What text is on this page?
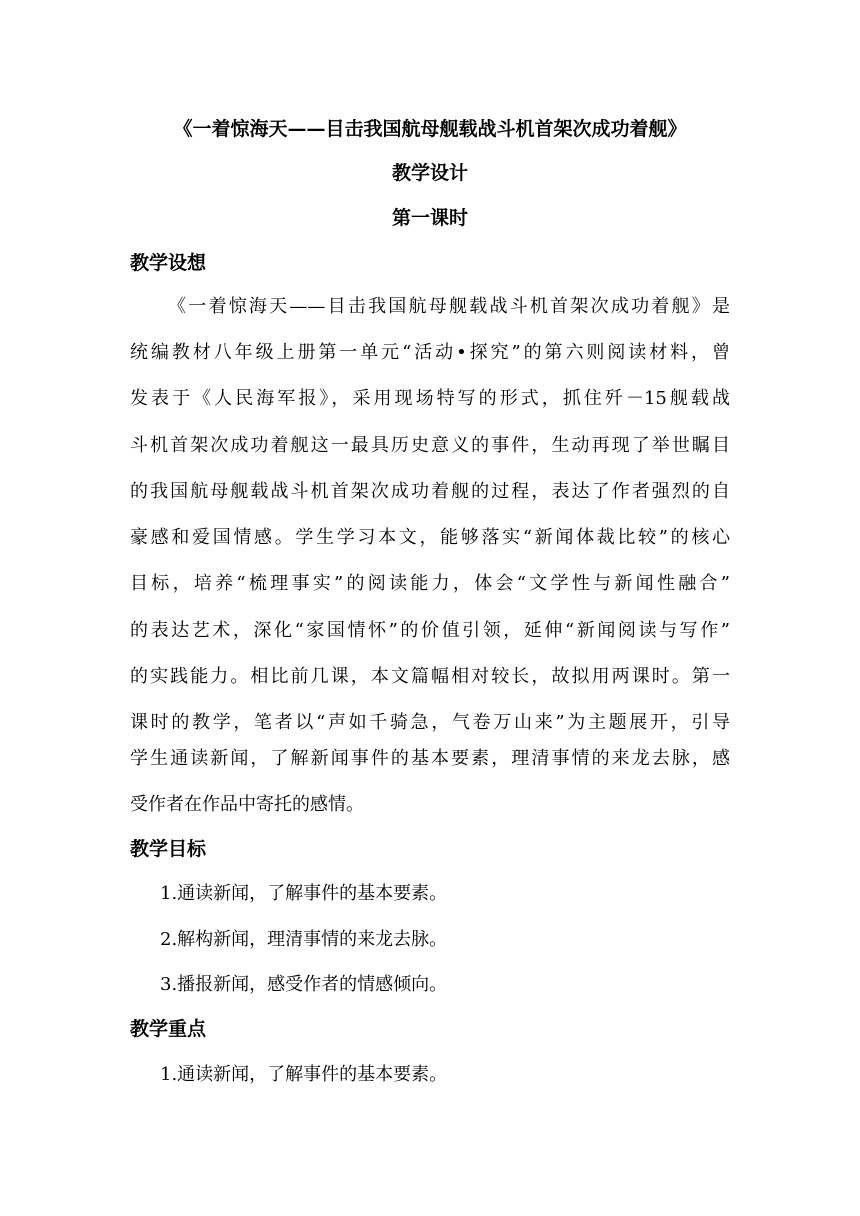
《一着惊海天——目击我国航母舰载战斗机首架次成功着舰》
教学设计
第一课时
教学设想
《一着惊海天——目击我国航母舰载战斗机首架次成功着舰》是
统编教材八年级上册第一单元“活动•探究”的第六则阅读材料，曾
发表于《人民海军报》，采用现场特写的形式，抓住歼－15舰载战
斗机首架次成功着舰这一最具历史意义的事件，生动再现了举世瞩目
的我国航母舰载战斗机首架次成功着舰的过程，表达了作者强烈的自
豪感和爱国情感。学生学习本文，能够落实“新闻体裁比较”的核心
目标，培养“梳理事实”的阅读能力，体会“文学性与新闻性融合”
的表达艺术，深化“家国情怀”的价值引领，延伸“新闻阅读与写作”
的实践能力。相比前几课，本文篇幅相对较长，故拟用两课时。第一
课时的教学，笔者以“声如千骑急，气卷万山来”为主题展开，引导
学生通读新闻，了解新闻事件的基本要素，理清事情的来龙去脉，感
受作者在作品中寄托的感情。
教学目标
1.通读新闻，了解事件的基本要素。
2.解构新闻，理清事情的来龙去脉。
3.播报新闻，感受作者的情感倾向。
教学重点
1.通读新闻，了解事件的基本要素。
